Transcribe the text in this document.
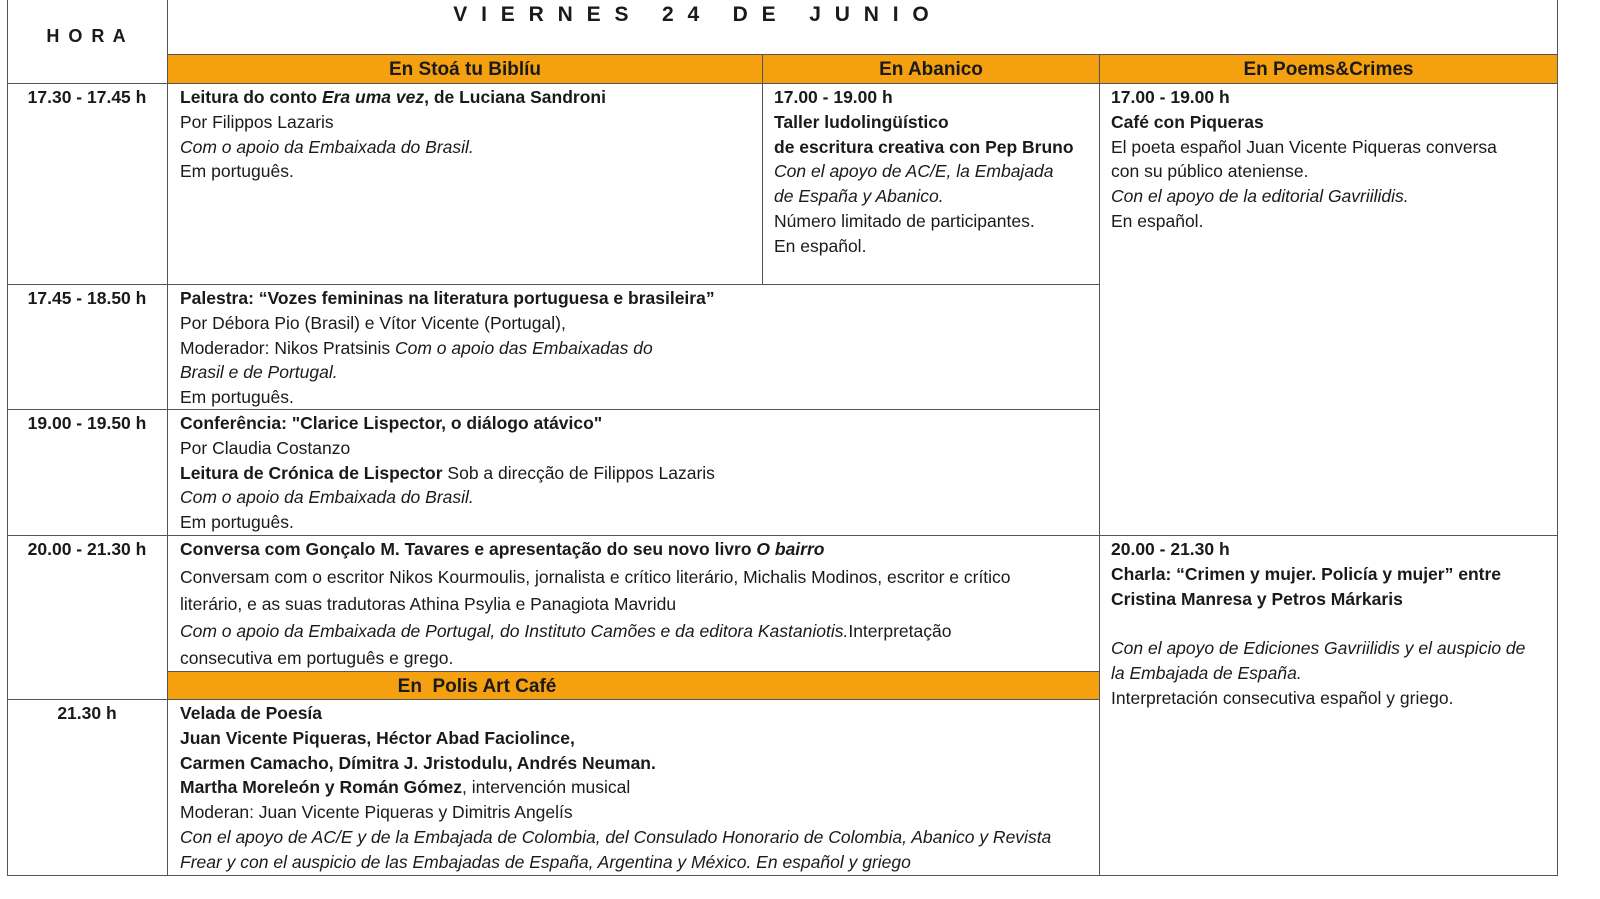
H O R A
V I E R N E S   2 4   D E   J U N I O
En Stoá tu Biblíu	En Abanico	En Poems&Crimes
En  Polis Art Café
17.30 - 17.45 h
17.45 - 18.50 h
19.00 - 19.50 h
20.00 - 21.30 h
21.30 h
Leitura do conto Era uma vez, de Luciana Sandroni
Por Filippos Lazaris
Com o apoio da Embaixada do Brasil.
Em português.
17.00 - 19.00 h
Taller ludolingüístico
de escritura creativa con Pep Bruno
Con el apoyo de AC/E, la Embajada
de España y Abanico.
Número limitado de participantes.
En español.
17.00 - 19.00 h
Café con Piqueras
El poeta español Juan Vicente Piqueras conversa
con su público ateniense.
Con el apoyo de la editorial Gavriilidis.
En español.
Palestra: “Vozes femininas na literatura portuguesa e brasileira”
Por Débora Pio (Brasil) e Vítor Vicente (Portugal),
Moderador: Nikos Pratsinis Com o apoio das Embaixadas do
Brasil e de Portugal.
Em português.
Conferência: "Clarice Lispector, o diálogo atávico"
Por Claudia Costanzo
Leitura de Crónica de Lispector Sob a direcção de Filippos Lazaris
Com o apoio da Embaixada do Brasil.
Em português.
Conversa com Gonçalo M. Tavares e apresentação do seu novo livro O bairro
Conversam com o escritor Nikos Kourmoulis, jornalista e crítico literário, Michalis Modinos, escritor e crítico
literário, e as suas tradutoras Athina Psylia e Panagiota Mavridu
Com o apoio da Embaixada de Portugal, do Instituto Camões e da editora Kastaniotis.Interpretação
consecutiva em português e grego.
20.00 - 21.30 h
Charla: “Crimen y mujer. Policía y mujer” entre
Cristina Manresa y Petros Márkaris
Con el apoyo de Ediciones Gavriilidis y el auspicio de
la Embajada de España.
Interpretación consecutiva español y griego.
Velada de Poesía
Juan Vicente Piqueras, Héctor Abad Faciolince,
Carmen Camacho, Dímitra J. Jristodulu, Andrés Neuman.
Martha Moreleón y Román Gómez, intervención musical
Moderan: Juan Vicente Piqueras y Dimitris Angelís
Con el apoyo de AC/E y de la Embajada de Colombia, del Consulado Honorario de Colombia, Abanico y Revista
Frear y con el auspicio de las Embajadas de España, Argentina y México. En español y griego
